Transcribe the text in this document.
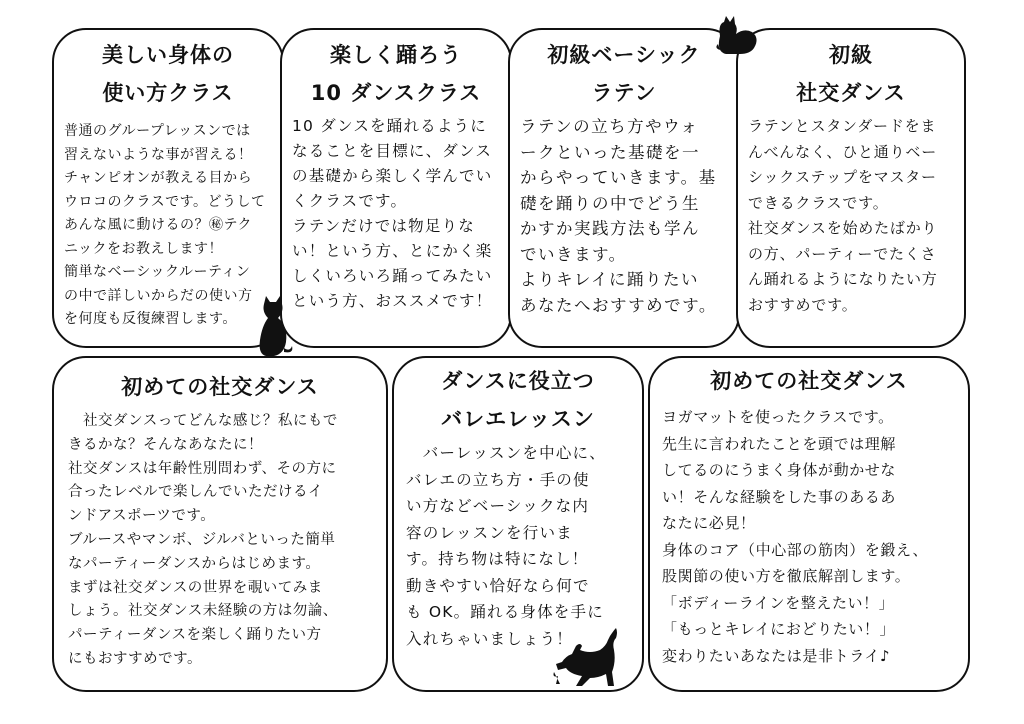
美しい身体の
使い方クラス

普通のグループレッスンでは
習えないような事が習える！
チャンピオンが教える目から
ウロコのクラスです。どうして
あんな風に動けるの？㊙テク
ニックをお教えします！
簡単なベーシックルーティン
の中で詳しいからだの使い方
を何度も反復練習します。

楽しく踊ろう
10 ダンスクラス

10 ダンスを踊れるように
なることを目標に、ダンス
の基礎から楽しく学んでい
くクラスです。
ラテンだけでは物足りな
い！という方、とにかく楽
しくいろいろ踊ってみたい
という方、おススメです！

初級ベーシック
ラテン

ラテンの立ち方やウォ
ークといった基礎を一
からやっていきます。基
礎を踊りの中でどう生
かすか実践方法も学ん
でいきます。
よりキレイに踊りたい
あなたへおすすめです。

初級
社交ダンス

ラテンとスタンダードをま
んべんなく、ひと通りベー
シックステップをマスター
できるクラスです。
社交ダンスを始めたばかり
の方、パーティーでたくさ
ん踊れるようになりたい方
おすすめです。

初めての社交ダンス

　社交ダンスってどんな感じ？私にもで
きるかな？そんなあなたに！
社交ダンスは年齢性別問わず、その方に
合ったレベルで楽しんでいただけるイ
ンドアスポーツです。
ブルースやマンボ、ジルバといった簡単
なパーティーダンスからはじめます。
まずは社交ダンスの世界を覗いてみま
しょう。社交ダンス未経験の方は勿論、
パーティーダンスを楽しく踊りたい方
にもおすすめです。

ダンスに役立つ
バレエレッスン

　バーレッスンを中心に、
バレエの立ち方・手の使
い方などベーシックな内
容のレッスンを行いま
す。持ち物は特になし！
動きやすい恰好なら何で
も OK。踊れる身体を手に
入れちゃいましょう！

初めての社交ダンス

ヨガマットを使ったクラスです。
先生に言われたことを頭では理解
してるのにうまく身体が動かせな
い！そんな経験をした事のあるあ
なたに必見！
身体のコア（中心部の筋肉）を鍛え、
股関節の使い方を徹底解剖します。
「ボディーラインを整えたい！」
「もっとキレイにおどりたい！」
変わりたいあなたは是非トライ♪
